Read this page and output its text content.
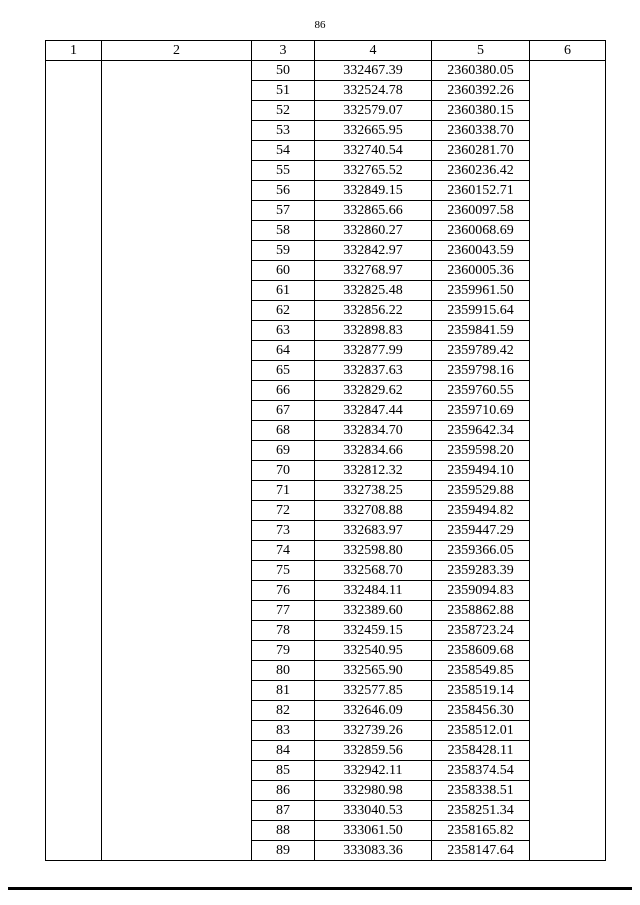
86
1	2	3	4	5	6
		50	332467.39	2360380.05	
		51	332524.78	2360392.26	
		52	332579.07	2360380.15	
		53	332665.95	2360338.70	
		54	332740.54	2360281.70	
		55	332765.52	2360236.42	
		56	332849.15	2360152.71	
		57	332865.66	2360097.58	
		58	332860.27	2360068.69	
		59	332842.97	2360043.59	
		60	332768.97	2360005.36	
		61	332825.48	2359961.50	
		62	332856.22	2359915.64	
		63	332898.83	2359841.59	
		64	332877.99	2359789.42	
		65	332837.63	2359798.16	
		66	332829.62	2359760.55	
		67	332847.44	2359710.69	
		68	332834.70	2359642.34	
		69	332834.66	2359598.20	
		70	332812.32	2359494.10	
		71	332738.25	2359529.88	
		72	332708.88	2359494.82	
		73	332683.97	2359447.29	
		74	332598.80	2359366.05	
		75	332568.70	2359283.39	
		76	332484.11	2359094.83	
		77	332389.60	2358862.88	
		78	332459.15	2358723.24	
		79	332540.95	2358609.68	
		80	332565.90	2358549.85	
		81	332577.85	2358519.14	
		82	332646.09	2358456.30	
		83	332739.26	2358512.01	
		84	332859.56	2358428.11	
		85	332942.11	2358374.54	
		86	332980.98	2358338.51	
		87	333040.53	2358251.34	
		88	333061.50	2358165.82	
		89	333083.36	2358147.64	
